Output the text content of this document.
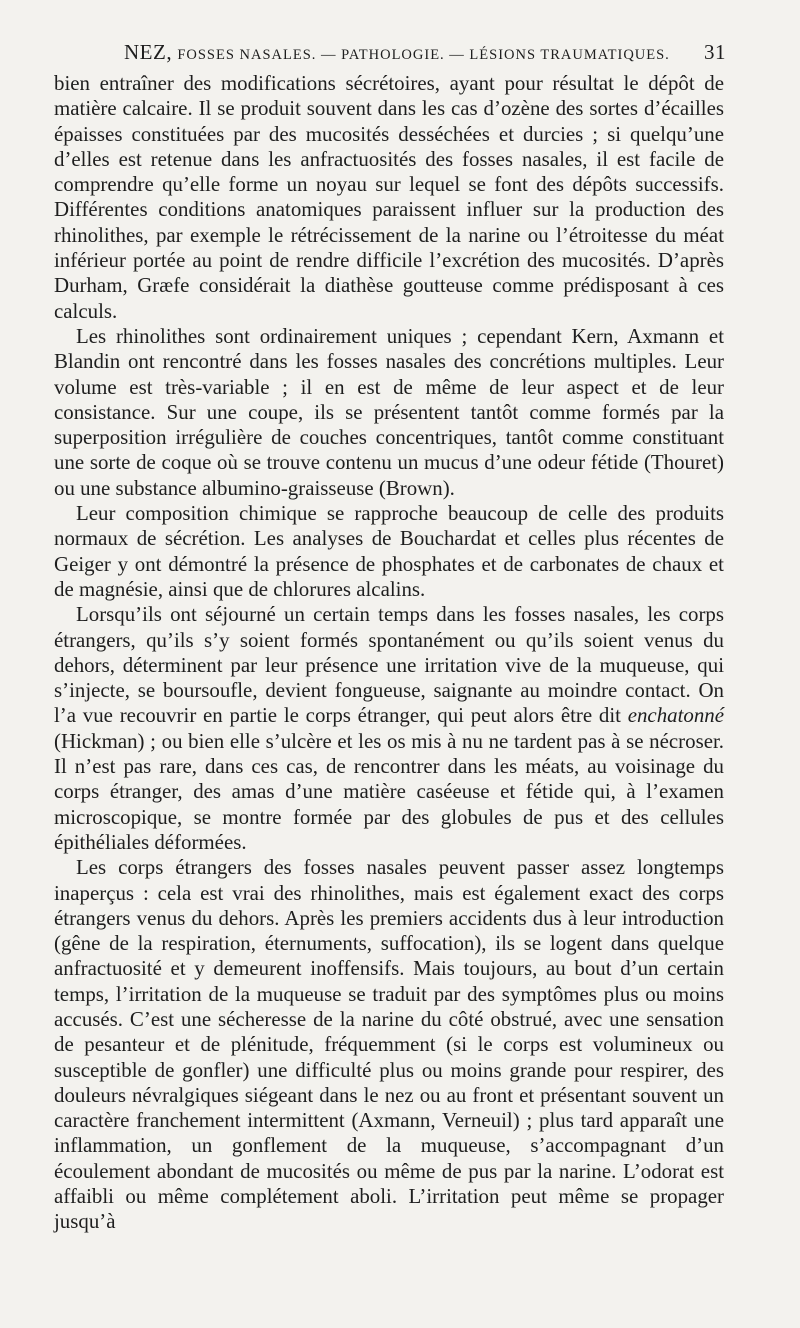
NEZ, FOSSES NASALES. — PATHOLOGIE. — LÉSIONS TRAUMATIQUES. 31

bien entraîner des modifications sécrétoires, ayant pour résultat le dépôt de matière calcaire. Il se produit souvent dans les cas d’ozène des sortes d’écailles épaisses constituées par des mucosités desséchées et durcies ; si quelqu’une d’elles est retenue dans les anfractuosités des fosses nasales, il est facile de comprendre qu’elle forme un noyau sur lequel se font des dépôts successifs. Différentes conditions anatomiques paraissent influer sur la production des rhinolithes, par exemple le rétrécissement de la narine ou l’étroitesse du méat inférieur portée au point de rendre difficile l’excrétion des mucosités. D’après Durham, Græfe considérait la diathèse goutteuse comme prédisposant à ces calculs.

Les rhinolithes sont ordinairement uniques ; cependant Kern, Axmann et Blandin ont rencontré dans les fosses nasales des concrétions multiples. Leur volume est très-variable ; il en est de même de leur aspect et de leur consistance. Sur une coupe, ils se présentent tantôt comme formés par la superposition irrégulière de couches concentriques, tantôt comme constituant une sorte de coque où se trouve contenu un mucus d’une odeur fétide (Thouret) ou une substance albumino-graisseuse (Brown).

Leur composition chimique se rapproche beaucoup de celle des produits normaux de sécrétion. Les analyses de Bouchardat et celles plus récentes de Geiger y ont démontré la présence de phosphates et de carbonates de chaux et de magnésie, ainsi que de chlorures alcalins.

Lorsqu’ils ont séjourné un certain temps dans les fosses nasales, les corps étrangers, qu’ils s’y soient formés spontanément ou qu’ils soient venus du dehors, déterminent par leur présence une irritation vive de la muqueuse, qui s’injecte, se boursoufle, devient fongueuse, saignante au moindre contact. On l’a vue recouvrir en partie le corps étranger, qui peut alors être dit enchatonné (Hickman) ; ou bien elle s’ulcère et les os mis à nu ne tardent pas à se nécroser. Il n’est pas rare, dans ces cas, de rencontrer dans les méats, au voisinage du corps étranger, des amas d’une matière caséeuse et fétide qui, à l’examen microscopique, se montre formée par des globules de pus et des cellules épithéliales déformées.

Les corps étrangers des fosses nasales peuvent passer assez longtemps inaperçus : cela est vrai des rhinolithes, mais est également exact des corps étrangers venus du dehors. Après les premiers accidents dus à leur introduction (gêne de la respiration, éternuments, suffocation), ils se logent dans quelque anfractuosité et y demeurent inoffensifs. Mais toujours, au bout d’un certain temps, l’irritation de la muqueuse se traduit par des symptômes plus ou moins accusés. C’est une sécheresse de la narine du côté obstrué, avec une sensation de pesanteur et de plénitude, fréquemment (si le corps est volumineux ou susceptible de gonfler) une difficulté plus ou moins grande pour respirer, des douleurs névralgiques siégeant dans le nez ou au front et présentant souvent un caractère franchement intermittent (Axmann, Verneuil) ; plus tard apparaît une inflammation, un gonflement de la muqueuse, s’accompagnant d’un écoulement abondant de mucosités ou même de pus par la narine. L’odorat est affaibli ou même complétement aboli. L’irritation peut même se propager jusqu’à
